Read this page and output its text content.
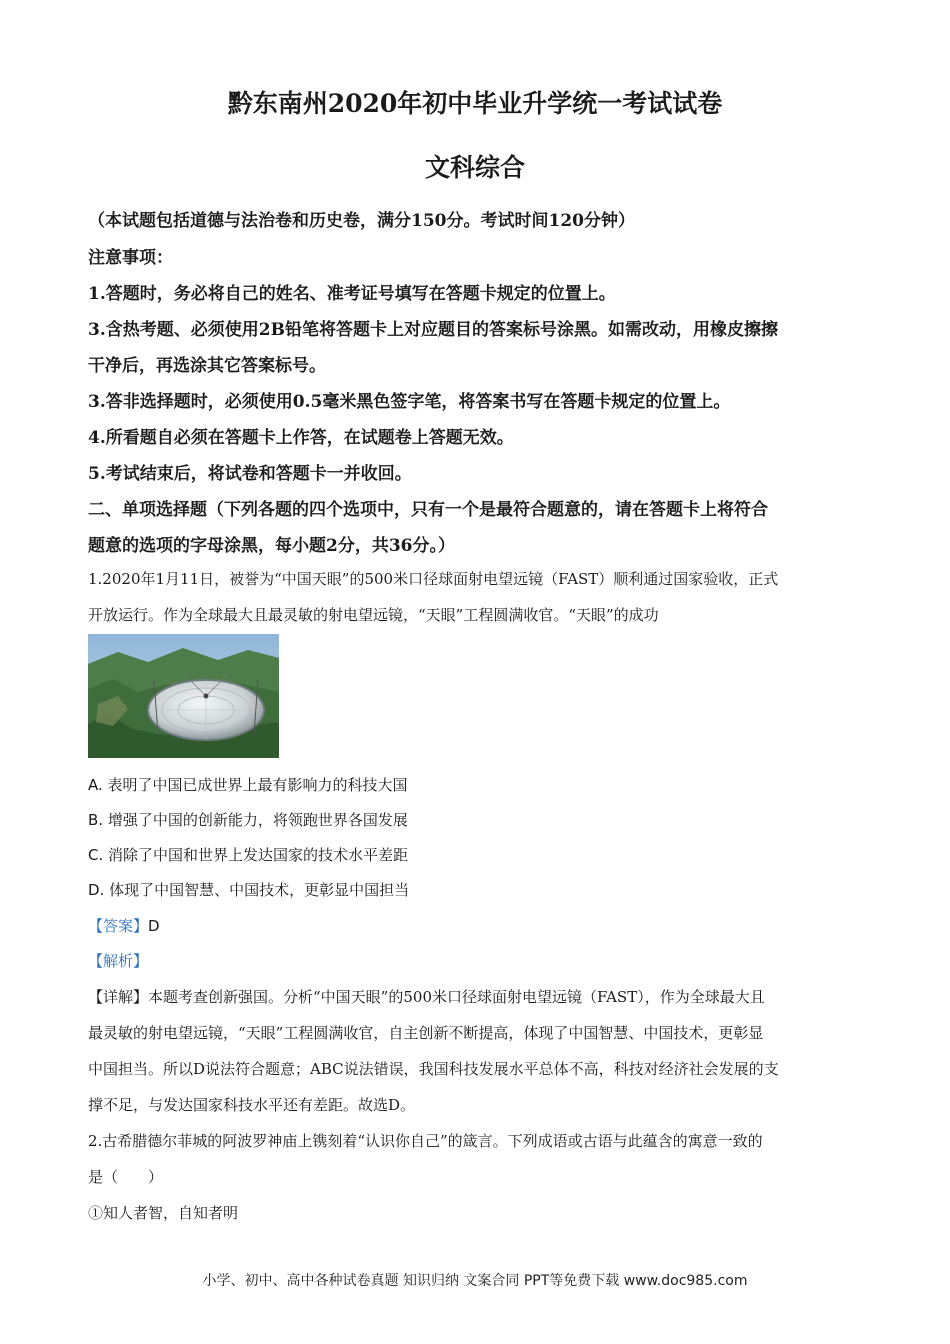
黔东南州2020年初中毕业升学统一考试试卷
文科综合
（本试题包括道德与法治卷和历史卷，满分150分。考试时间120分钟）
注意事项：
1.答题时，务必将自己的姓名、准考证号填写在答题卡规定的位置上。
3.含热考题、必须使用2B铅笔将答题卡上对应题目的答案标号涂黑。如需改动，用橡皮擦擦
干净后，再选涂其它答案标号。
3.答非选择题时，必须使用0.5毫米黑色签字笔，将答案书写在答题卡规定的位置上。
4.所看题自必须在答题卡上作答，在试题卷上答题无效。
5.考试结束后，将试卷和答题卡一并收回。
二、单项选择题（下列各题的四个选项中，只有一个是最符合题意的，请在答题卡上将符合
题意的选项的字母涂黑，每小题2分，共36分。）
1.2020年1月11日，被誉为“中国天眼”的500米口径球面射电望远镜（FAST）顺利通过国家验收，正式
开放运行。作为全球最大且最灵敏的射电望远镜，“天眼”工程圆满收官。“天眼”的成功
A. 表明了中国已成世界上最有影响力的科技大国
B. 增强了中国的创新能力，将领跑世界各国发展
C. 消除了中国和世界上发达国家的技术水平差距
D. 体现了中国智慧、中国技术，更彰显中国担当
【答案】D
【解析】
【详解】本题考查创新强国。分析“中国天眼”的500米口径球面射电望远镜（FAST），作为全球最大且
最灵敏的射电望远镜，“天眼”工程圆满收官，自主创新不断提高，体现了中国智慧、中国技术，更彰显
中国担当。所以D说法符合题意；ABC说法错误，我国科技发展水平总体不高，科技对经济社会发展的支
撑不足，与发达国家科技水平还有差距。故选D。
2.古希腊德尔菲城的阿波罗神庙上镌刻着“认识你自己”的箴言。下列成语或古语与此蕴含的寓意一致的
是（　　）
①知人者智，自知者明
小学、初中、高中各种试卷真题 知识归纳 文案合同 PPT等免费下载 www.doc985.com
